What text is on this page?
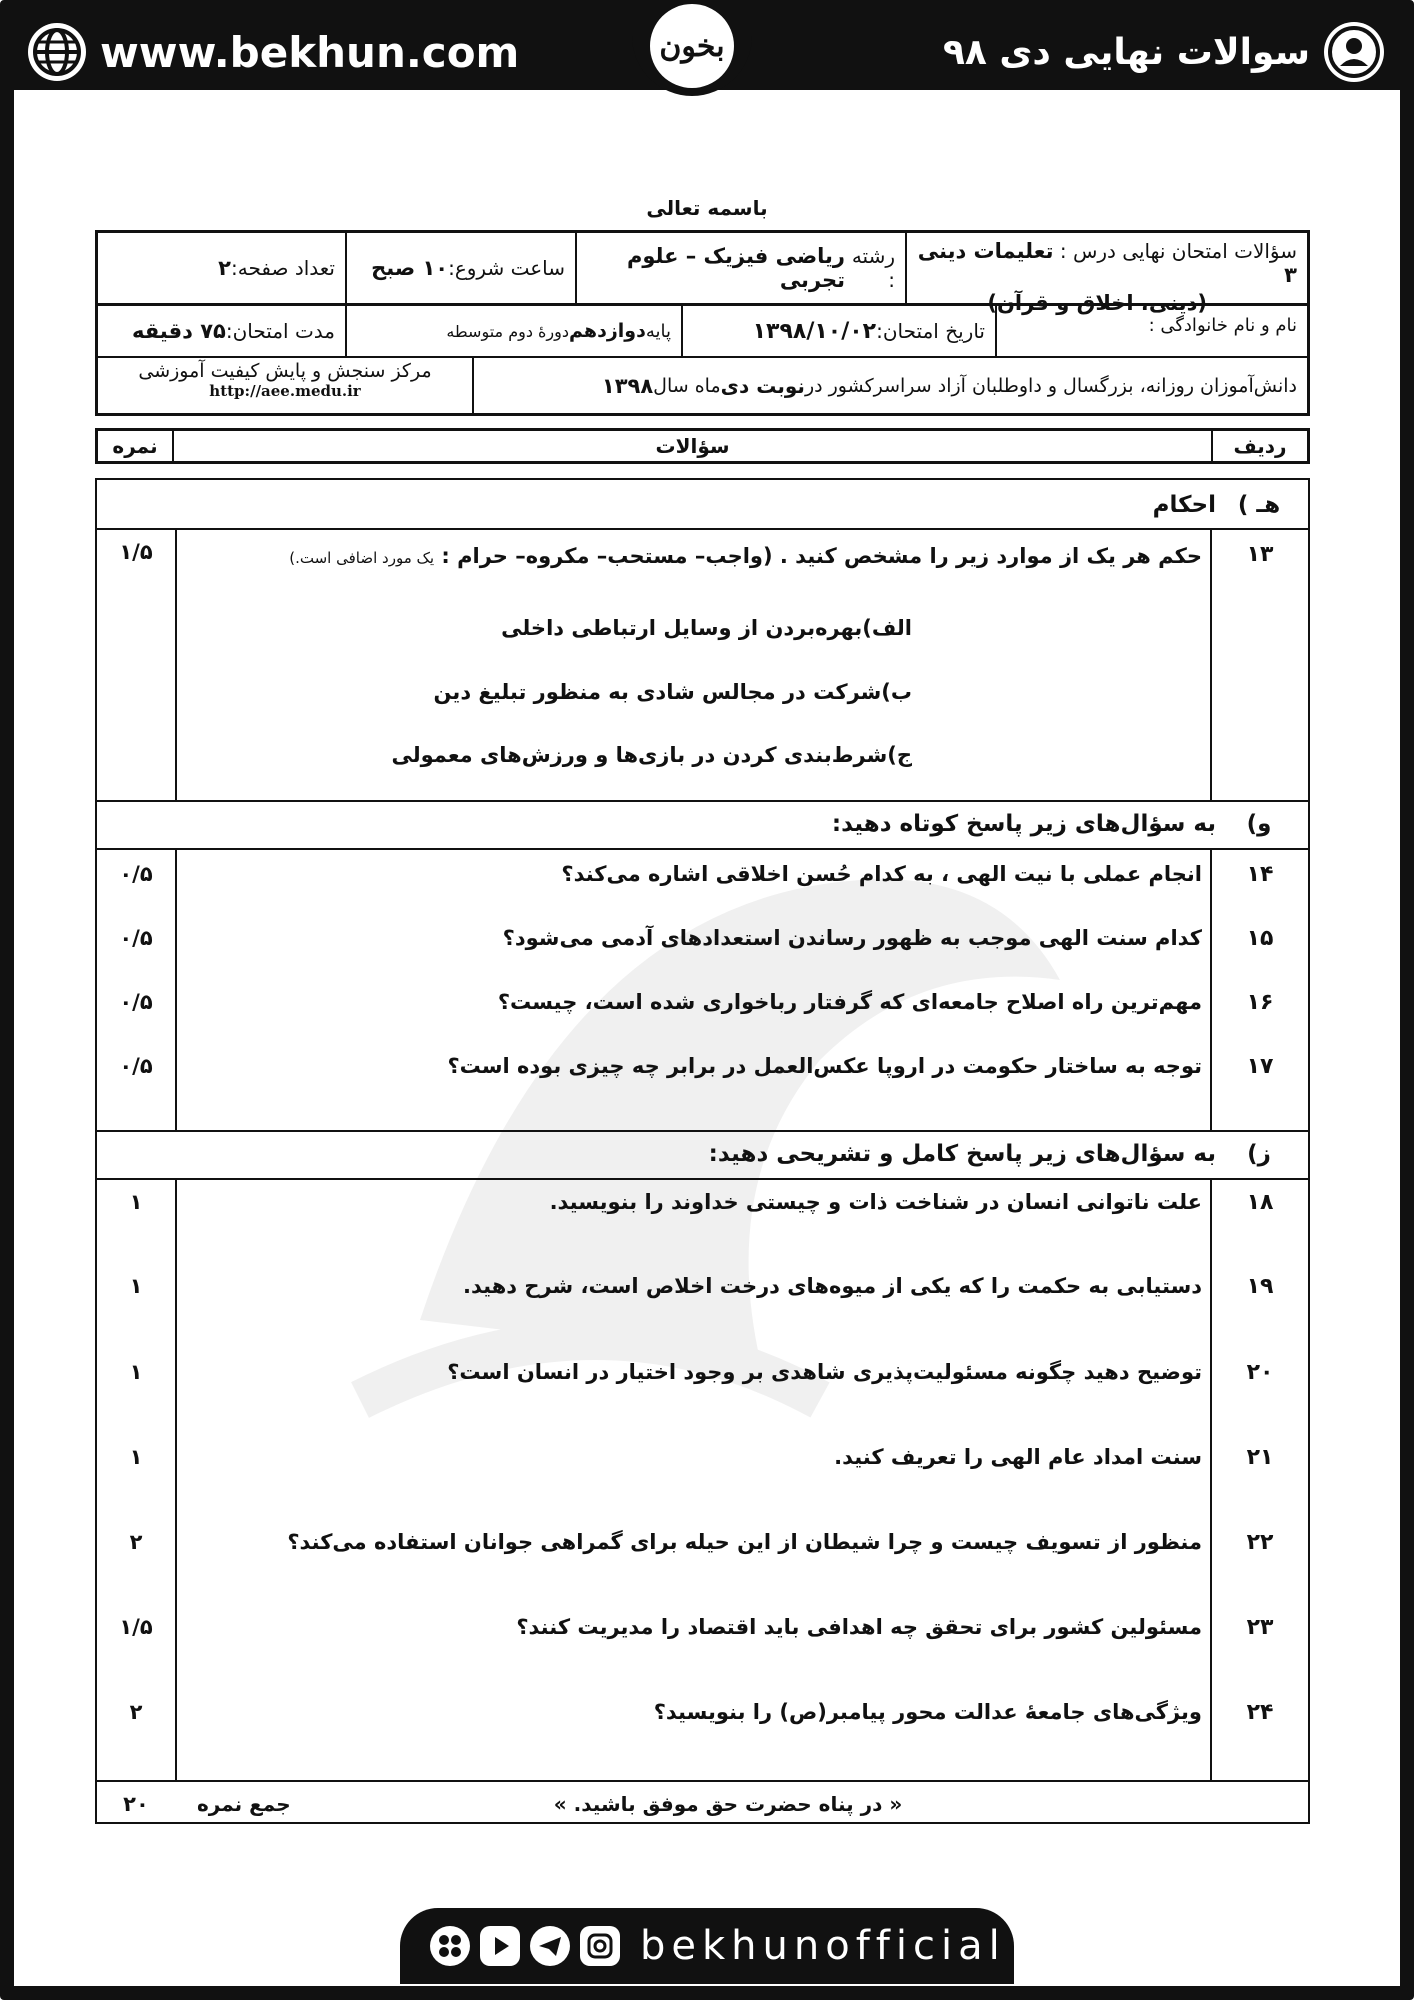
www.bekhun.com	سوالات نهایی دی ۹۸
بخون
باسمه تعالی
سؤالات امتحان نهایی درس : تعلیمات دینی ۳
(دینی، اخلاق و قرآن)
رشته :
ریاضی فیزیک – علوم تجربی
ساعت شروع:
۱۰ صبح
تعداد صفحه:
۲
نام و نام خانوادگی :
تاریخ امتحان:
۱۳۹۸/۱۰/۰۲
پایه
دوازدهم
دورهٔ دوم متوسطه
مدت امتحان:
۷۵ دقیقه
دانش‌آموزان روزانه، بزرگسال و داوطلبان آزاد سراسرکشور در
نوبت دی
ماه سال
۱۳۹۸
مرکز سنجش و پایش کیفیت آموزشی
http://aee.medu.ir
ردیف
سؤالات
نمره
هـ ) احکام
۱۳
حکم هر یک از موارد زیر را مشخص کنید . (واجب– مستحب– مکروه– حرام : یک مورد اضافی است.)
۱/۵
الف)بهره‌بردن از وسایل ارتباطی داخلی
ب)شرکت در مجالس شادی به منظور تبلیغ دین
ج)شرط‌بندی کردن در بازی‌ها و ورزش‌های معمولی
و) به سؤال‌های زیر پاسخ کوتاه دهید:
۱۴
انجام عملی با نیت الهی ، به کدام حُسن اخلاقی اشاره می‌کند؟
۰/۵
۱۵
کدام سنت الهی موجب به ظهور رساندن استعدادهای آدمی می‌شود؟
۰/۵
۱۶
مهم‌ترین راه اصلاح جامعه‌ای که گرفتار رباخواری شده است، چیست؟
۰/۵
۱۷
توجه به ساختار حکومت در اروپا عکس‌العمل در برابر چه چیزی بوده است؟
۰/۵
ز) به سؤال‌های زیر پاسخ کامل و تشریحی دهید:
۱۸
علت ناتوانی انسان در شناخت ذات و چیستی خداوند را بنویسید.
۱
۱۹
دستیابی به حکمت را که یکی از میوه‌های درخت اخلاص است، شرح دهید.
۱
۲۰
توضیح دهید چگونه مسئولیت‌پذیری شاهدی بر وجود اختیار در انسان است؟
۱
۲۱
سنت امداد عام الهی را تعریف کنید.
۱
۲۲
منظور از تسویف چیست و چرا شیطان از این حیله برای گمراهی جوانان استفاده می‌کند؟
۲
۲۳
مسئولین کشور برای تحقق چه اهدافی باید اقتصاد را مدیریت کنند؟
۱/۵
۲۴
ویژگی‌های جامعهٔ عدالت محور پیامبر(ص) را بنویسید؟
۲
« در پناه حضرت حق موفق باشید. »
جمع نمره
۲۰
bekhunofficial
